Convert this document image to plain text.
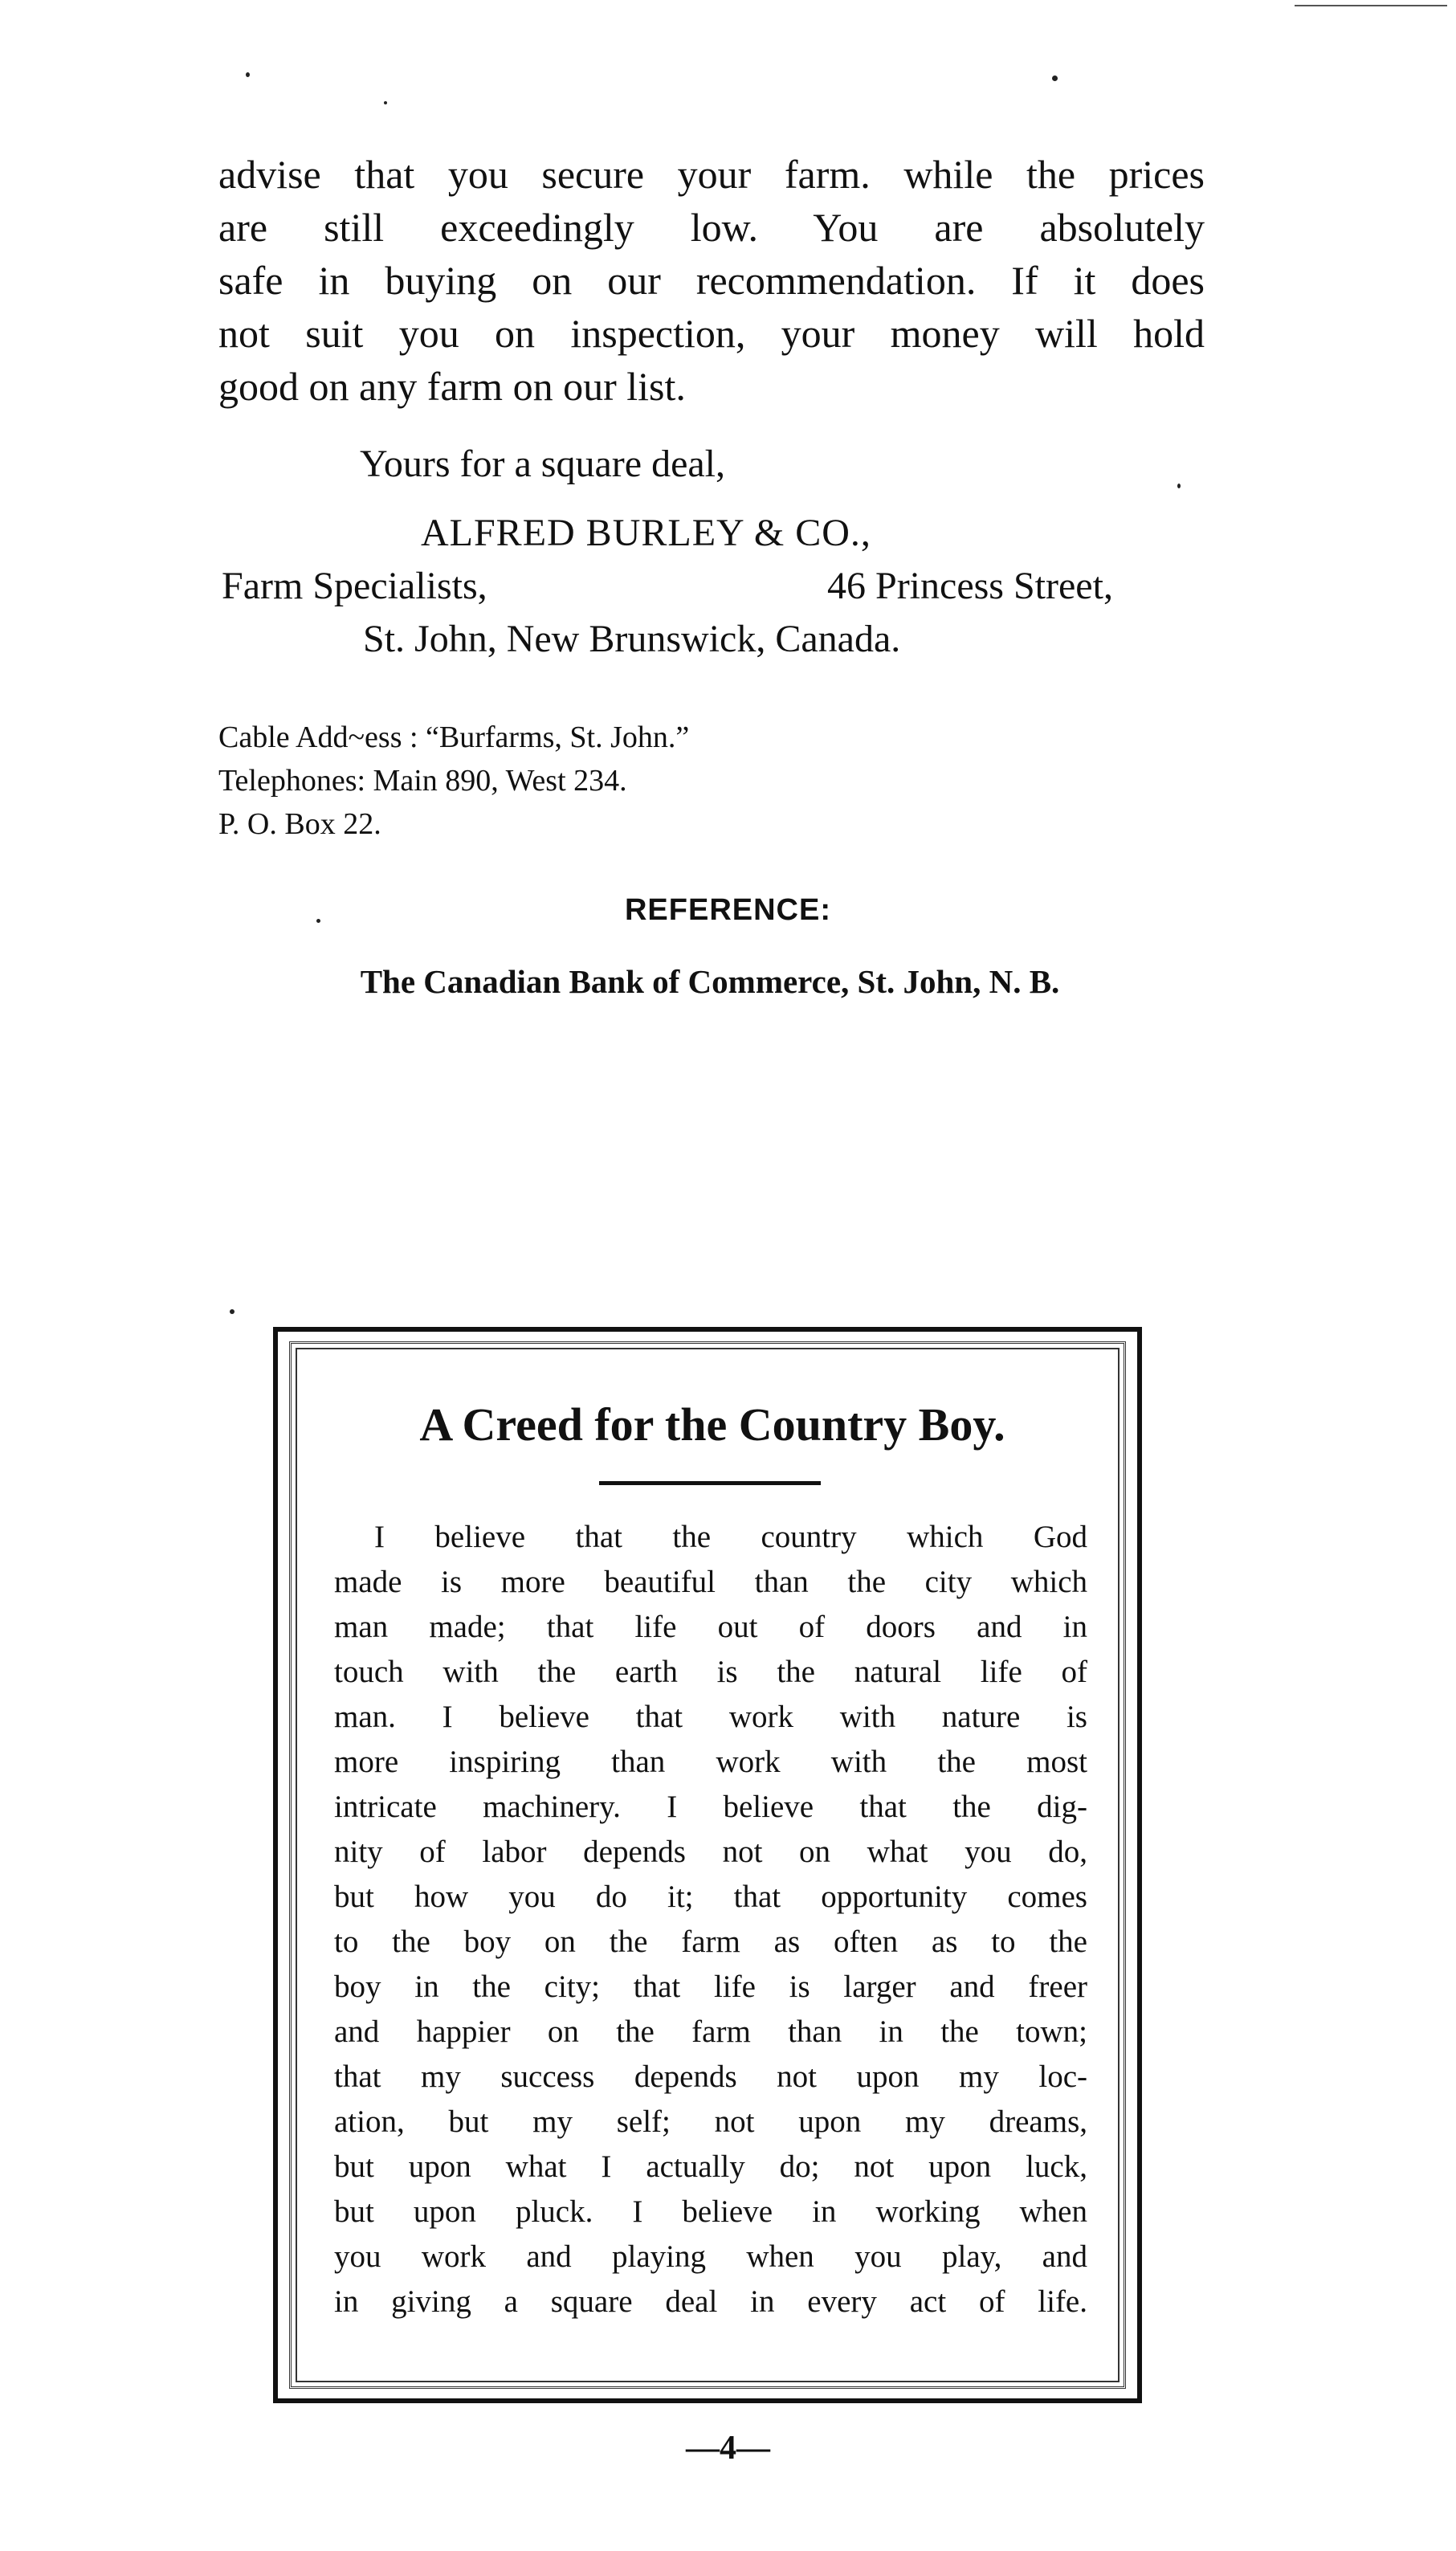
advise that you secure your farm. while the prices
are still exceedingly low. You are absolutely
safe in buying on our recommendation. If it does
not suit you on inspection, your money will hold
good on any farm on our list.
Yours for a square deal,
ALFRED BURLEY & CO.,
Farm Specialists,	46 Princess Street,
St. John, New Brunswick, Canada.
Cable Add~ess : “Burfarms, St. John.”
Telephones: Main 890, West 234.
P. O. Box 22.
REFERENCE:
The Canadian Bank of Commerce, St. John, N. B.
A Creed for the Country Boy.
I believe that the country which God
made is more beautiful than the city which
man made; that life out of doors and in
touch with the earth is the natural life of
man. I believe that work with nature is
more inspiring than work with the most
intricate machinery. I believe that the dig-
nity of labor depends not on what you do,
but how you do it; that opportunity comes
to the boy on the farm as often as to the
boy in the city; that life is larger and freer
and happier on the farm than in the town;
that my success depends not upon my loc-
ation, but my self; not upon my dreams,
but upon what I actually do; not upon luck,
but upon pluck. I believe in working when
you work and playing when you play, and
in giving a square deal in every act of life.
—4—
